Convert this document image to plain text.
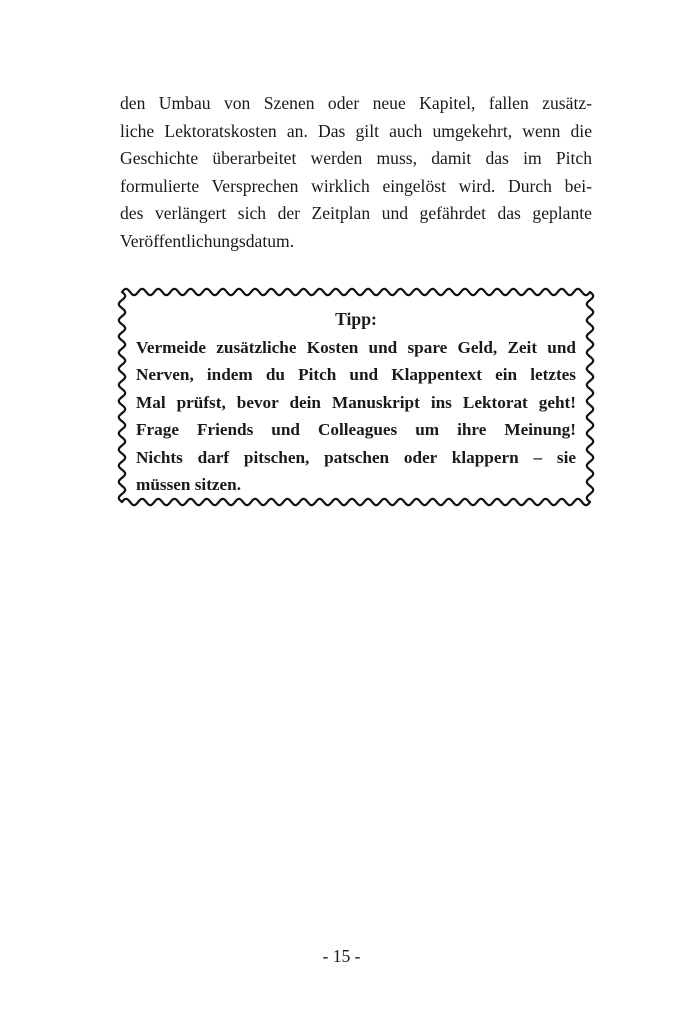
den Umbau von Szenen oder neue Kapitel, fallen zusätz-
liche Lektoratskosten an. Das gilt auch umgekehrt, wenn die
Geschichte überarbeitet werden muss, damit das im Pitch
formulierte Versprechen wirklich eingelöst wird. Durch bei-
des verlängert sich der Zeitplan und gefährdet das geplante
Veröffentlichungsdatum.

Tipp:
Vermeide zusätzliche Kosten und spare Geld, Zeit und
Nerven, indem du Pitch und Klappentext ein letztes
Mal prüfst, bevor dein Manuskript ins Lektorat geht!
Frage Friends und Colleagues um ihre Meinung!
Nichts darf pitschen, patschen oder klappern – sie
müssen sitzen.
- 15 -
